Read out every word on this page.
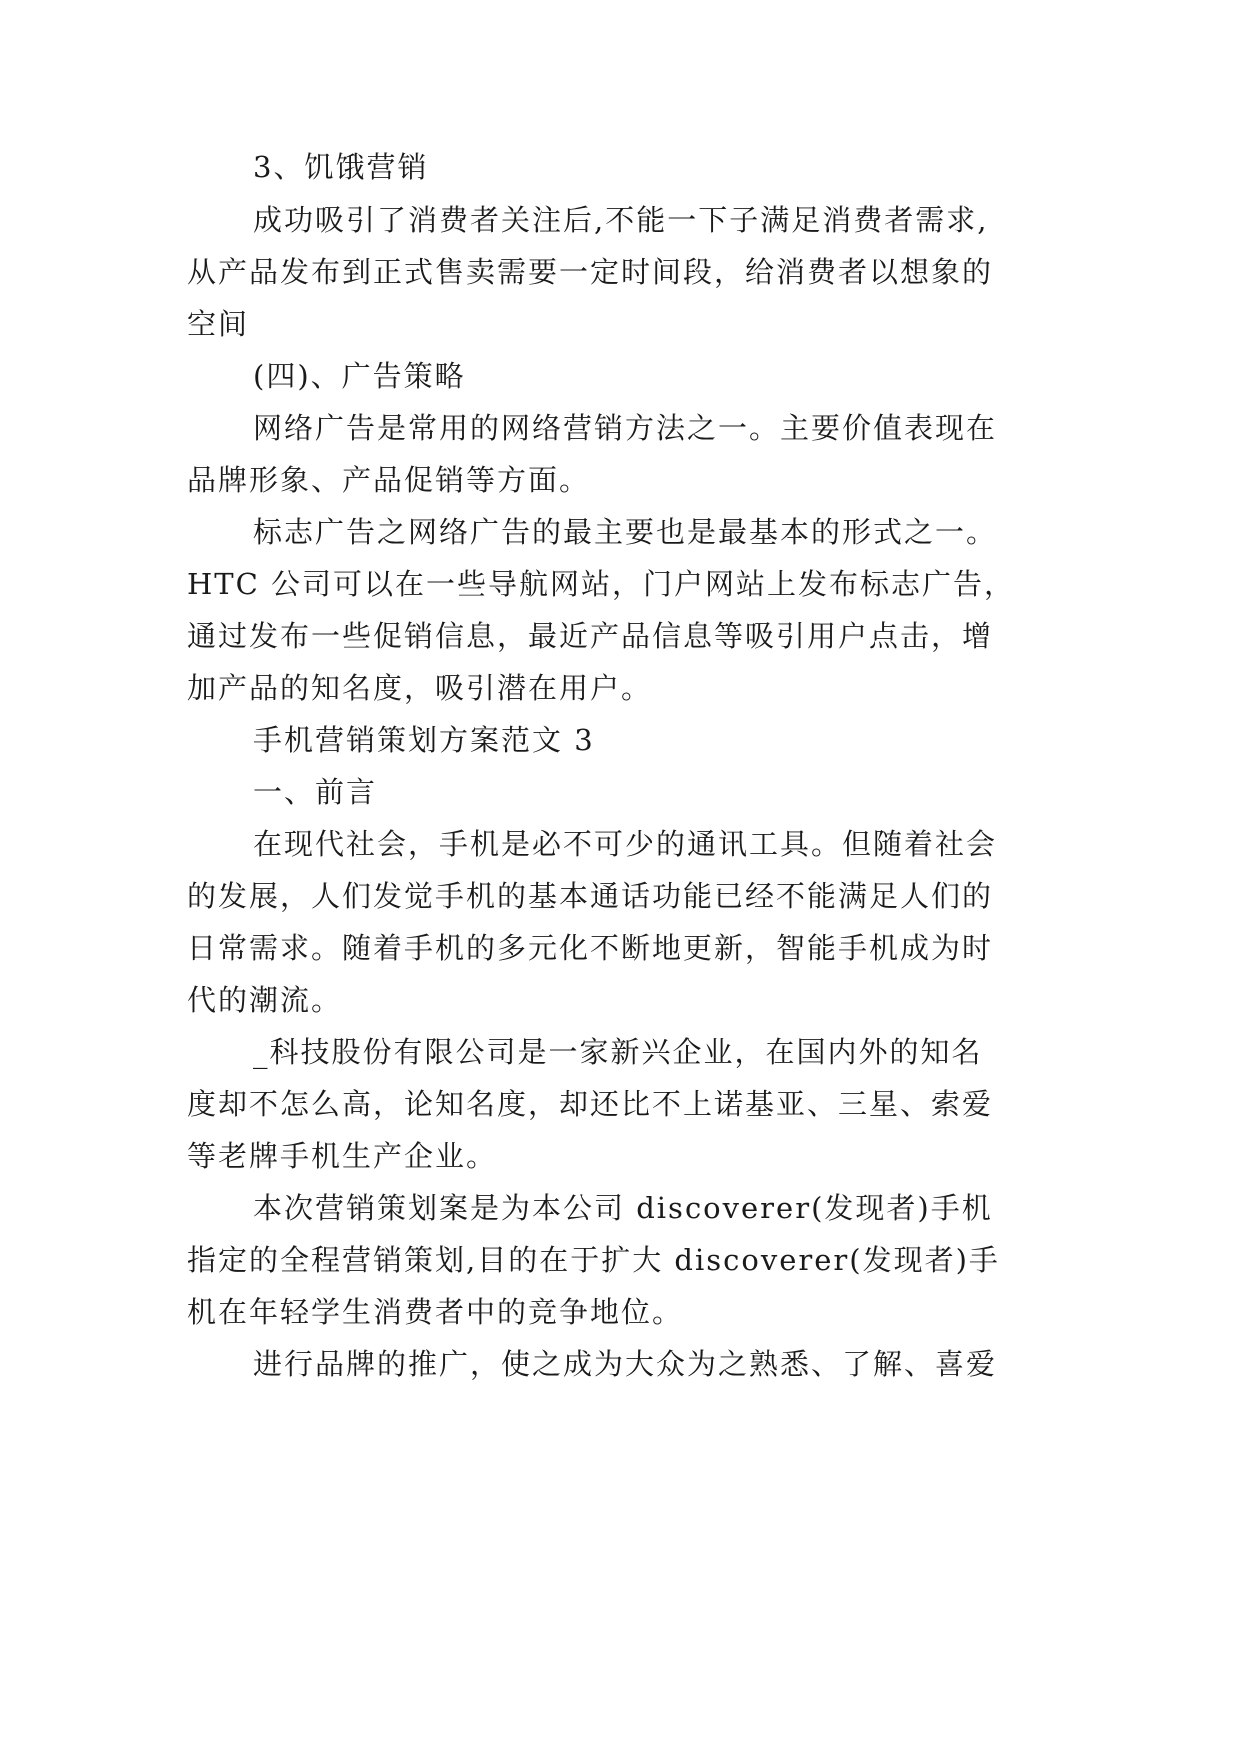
3、饥饿营销
成功吸引了消费者关注后,不能一下子满足消费者需求,
从产品发布到正式售卖需要一定时间段，给消费者以想象的
空间
(四)、广告策略
网络广告是常用的网络营销方法之一。主要价值表现在
品牌形象、产品促销等方面。
标志广告之网络广告的最主要也是最基本的形式之一。
HTC 公司可以在一些导航网站，门户网站上发布标志广告，
通过发布一些促销信息，最近产品信息等吸引用户点击，增
加产品的知名度，吸引潜在用户。
手机营销策划方案范文 3
一、前言
在现代社会，手机是必不可少的通讯工具。但随着社会
的发展，人们发觉手机的基本通话功能已经不能满足人们的
日常需求。随着手机的多元化不断地更新，智能手机成为时
代的潮流。
_科技股份有限公司是一家新兴企业，在国内外的知名
度却不怎么高，论知名度，却还比不上诺基亚、三星、索爱
等老牌手机生产企业。
本次营销策划案是为本公司 discoverer(发现者)手机
指定的全程营销策划,目的在于扩大 discoverer(发现者)手
机在年轻学生消费者中的竞争地位。
进行品牌的推广，使之成为大众为之熟悉、了解、喜爱
